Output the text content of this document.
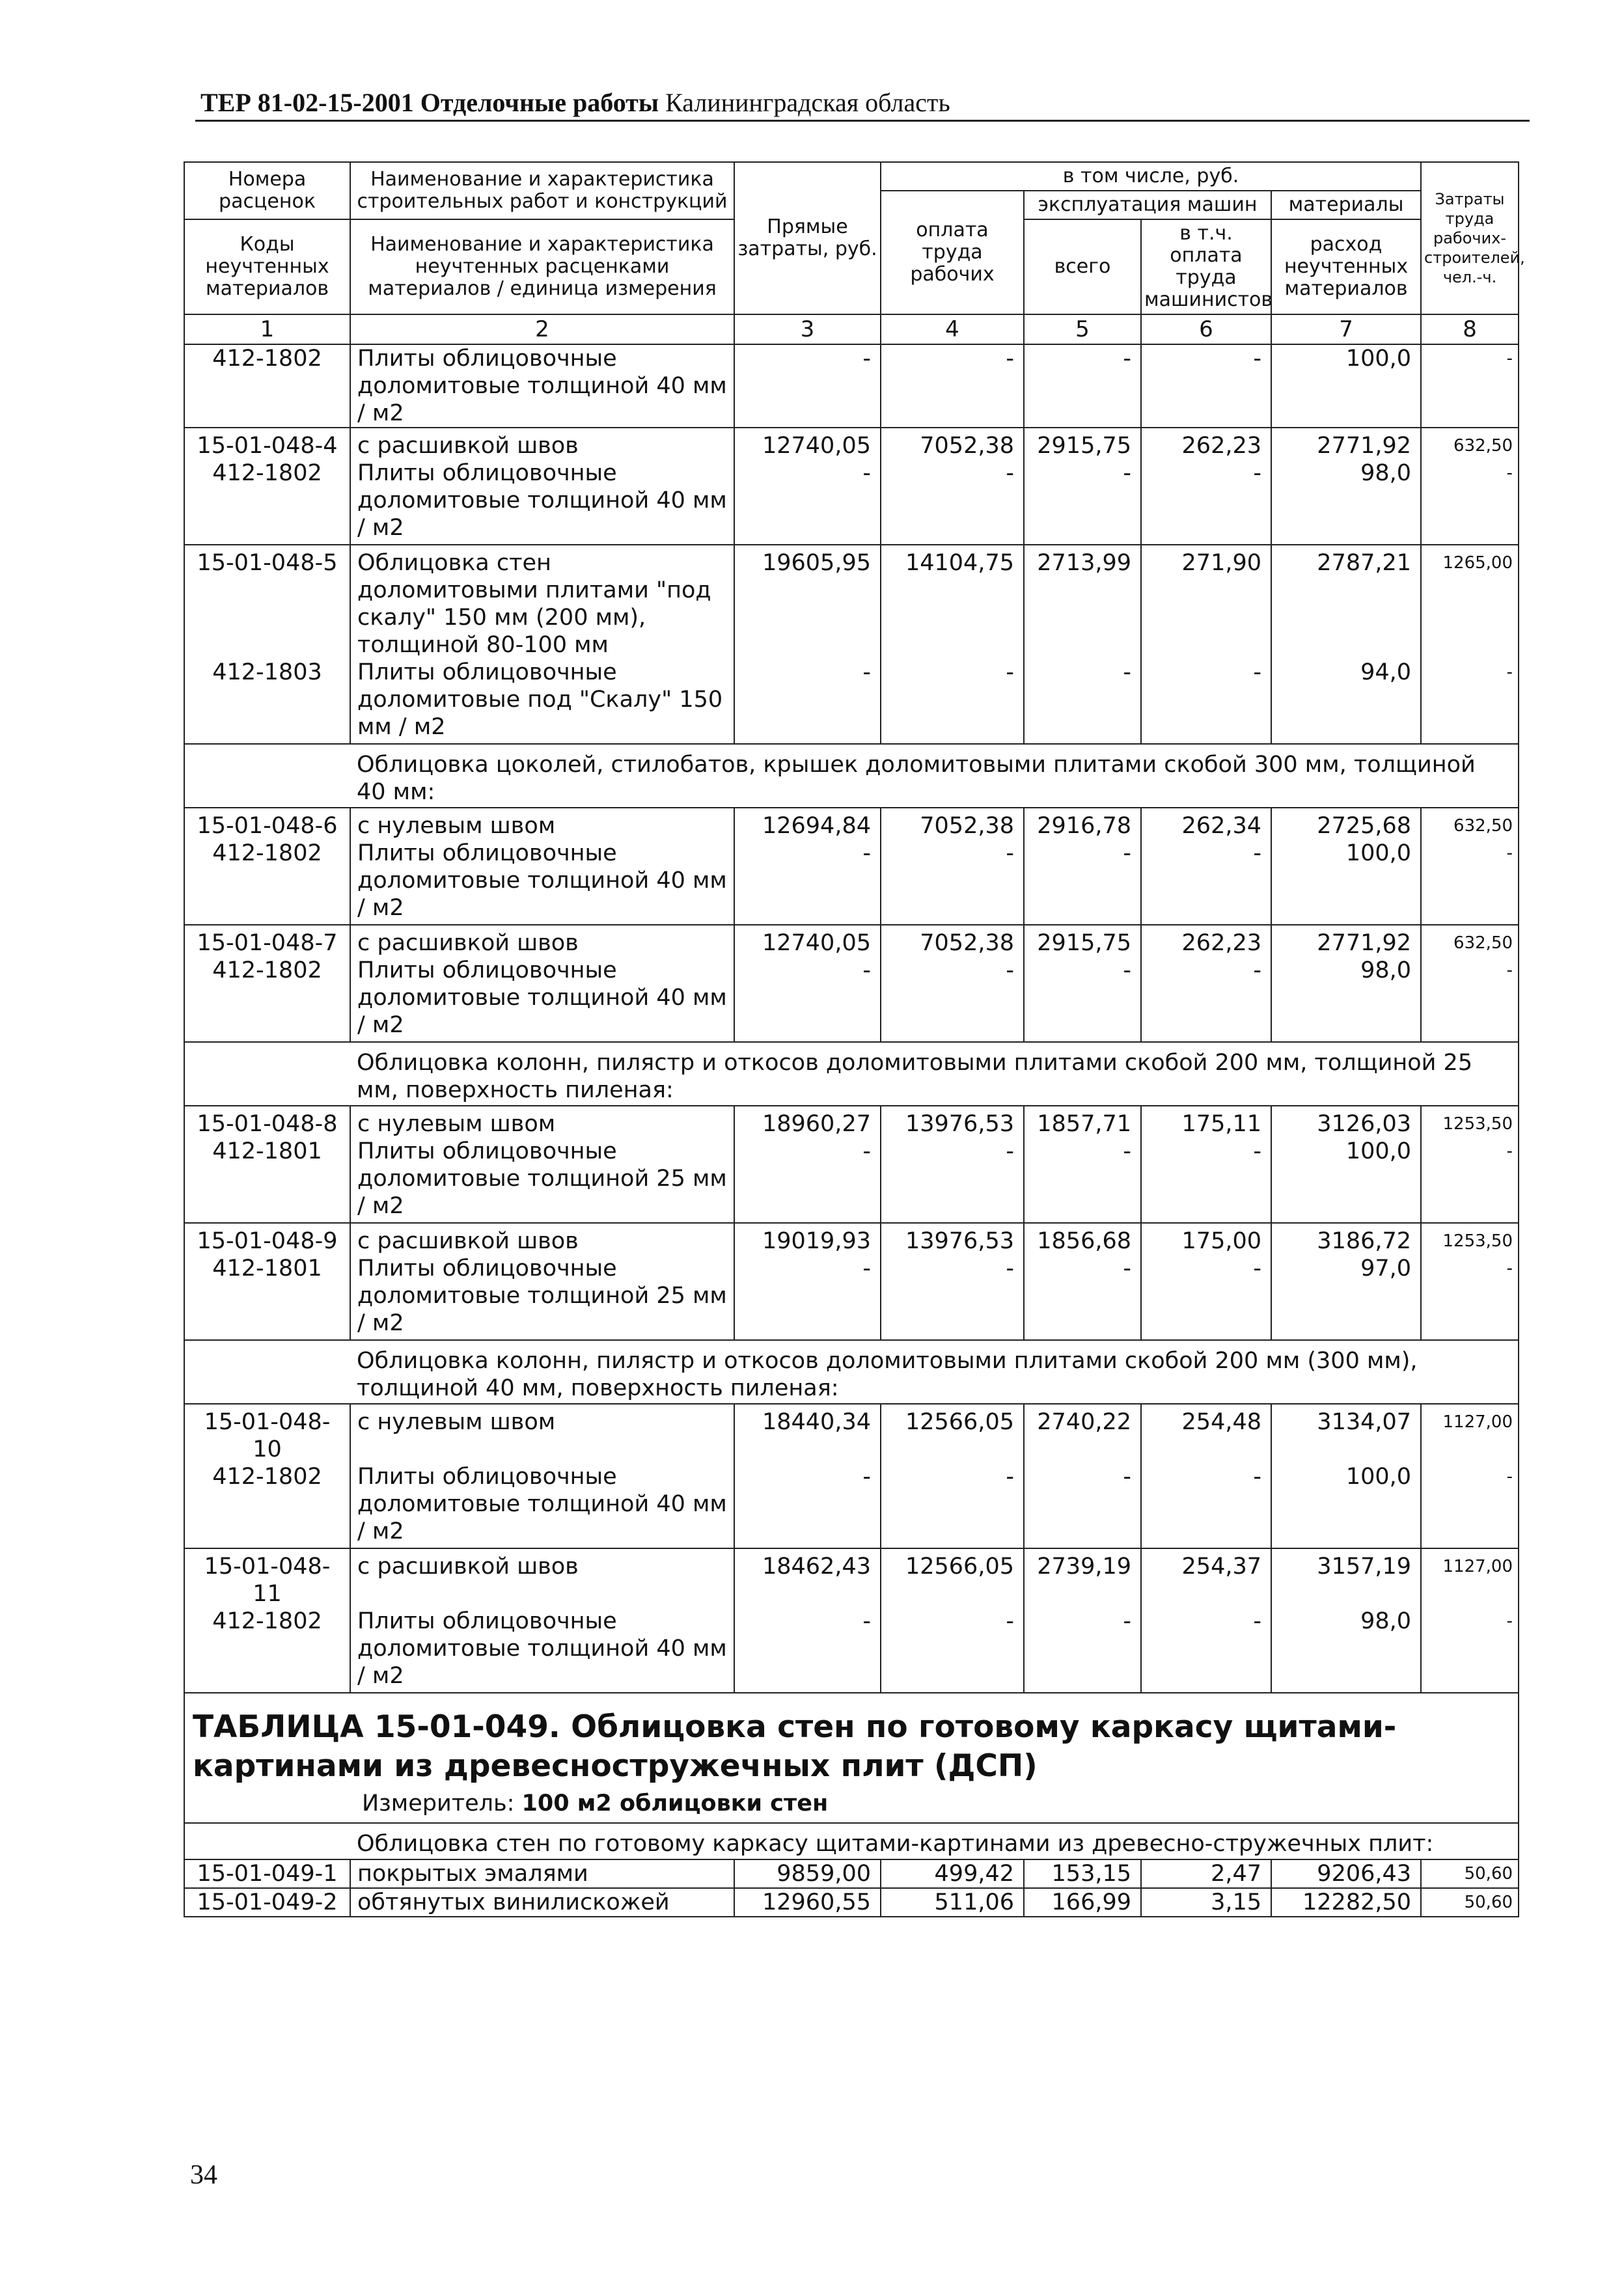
ТЕР 81-02-15-2001 Отделочные работы Калининградская область
Номера расценок	Наименование и характеристика строительных работ и конструкций	Прямые затраты, руб.	в том числе, руб.				Затраты труда рабочих-строителей, чел.-ч.
			оплата труда рабочих	эксплуатация машин		материалы	
Коды неучтенных материалов	Наименование и характеристика неучтенных расценками материалов / единица измерения			всего	в т.ч. оплата труда машинистов	расход неучтенных материалов	

1	2	3	4	5	6	7	8
412-1802	Плиты облицовочные доломитовые толщиной 40 мм / м2	-	-	-	-	100,0	-
15-01-048-4	с расшивкой швов	12740,05	7052,38	2915,75	262,23	2771,92	632,50
412-1802	Плиты облицовочные доломитовые толщиной 40 мм / м2	-	-	-	-	98,0	-
15-01-048-5	Облицовка стен доломитовыми плитами "под скалу" 150 мм (200 мм), толщиной 80-100 мм	19605,95	14104,75	2713,99	271,90	2787,21	1265,00
412-1803	Плиты облицовочные доломитовые под "Скалу" 150 мм / м2	-	-	-	-	94,0	-
	Облицовка цоколей, стилобатов, крышек доломитовыми плитами скобой 300 мм, толщиной 40 мм:						
15-01-048-6	с нулевым швом	12694,84	7052,38	2916,78	262,34	2725,68	632,50
412-1802	Плиты облицовочные доломитовые толщиной 40 мм / м2	-	-	-	-	100,0	-
15-01-048-7	с расшивкой швов	12740,05	7052,38	2915,75	262,23	2771,92	632,50
412-1802	Плиты облицовочные доломитовые толщиной 40 мм / м2	-	-	-	-	98,0	-
	Облицовка колонн, пилястр и откосов доломитовыми плитами скобой 200 мм, толщиной 25 мм, поверхность пиленая:						
15-01-048-8	с нулевым швом	18960,27	13976,53	1857,71	175,11	3126,03	1253,50
412-1801	Плиты облицовочные доломитовые толщиной 25 мм / м2	-	-	-	-	100,0	-
15-01-048-9	с расшивкой швов	19019,93	13976,53	1856,68	175,00	3186,72	1253,50
412-1801	Плиты облицовочные доломитовые толщиной 25 мм / м2	-	-	-	-	97,0	-
	Облицовка колонн, пилястр и откосов доломитовыми плитами скобой 200 мм (300 мм), толщиной 40 мм, поверхность пиленая:						
15-01-048-10	с нулевым швом	18440,34	12566,05	2740,22	254,48	3134,07	1127,00
412-1802	Плиты облицовочные доломитовые толщиной 40 мм / м2	-	-	-	-	100,0	-
15-01-048-11	с расшивкой швов	18462,43	12566,05	2739,19	254,37	3157,19	1127,00
412-1802	Плиты облицовочные доломитовые толщиной 40 мм / м2	-	-	-	-	98,0	-

ТАБЛИЦА 15-01-049. Облицовка стен по готовому каркасу щитами-картинами из древесностружечных плит (ДСП)
Измеритель: 100 м2 облицовки стен							

	Облицовка стен по готовому каркасу щитами-картинами из древесно-стружечных плит:						
15-01-049-1	покрытых эмалями	9859,00	499,42	153,15	2,47	9206,43	50,60
15-01-049-2	обтянутых винилискожей	12960,55	511,06	166,99	3,15	12282,50	50,60
34
